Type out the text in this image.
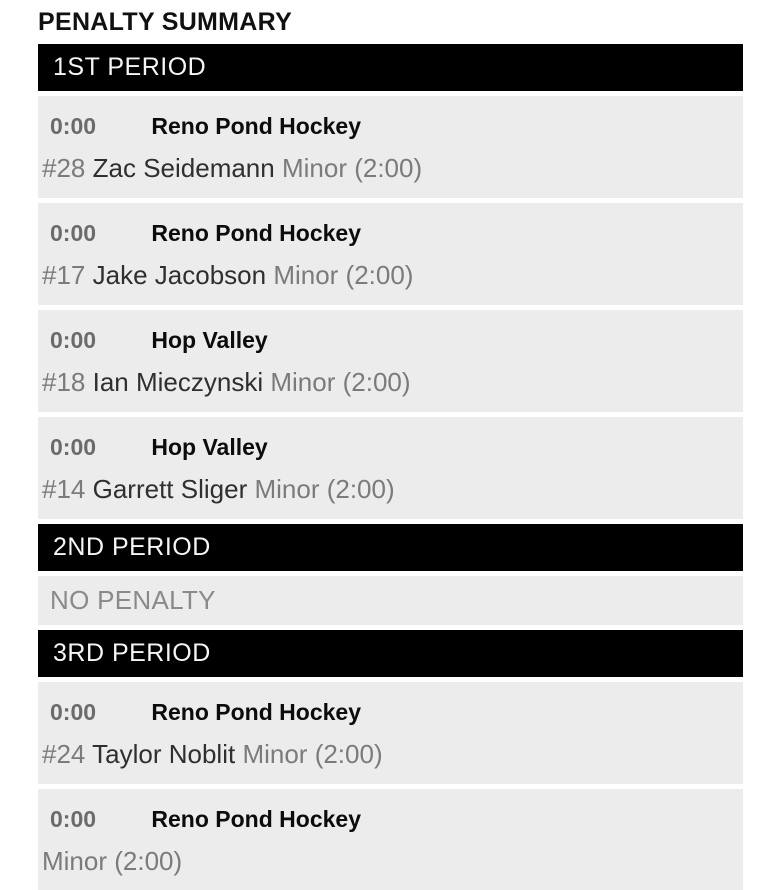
PENALTY SUMMARY
1ST PERIOD
0:00 Reno Pond Hockey
#28 Zac Seidemann Minor (2:00)
0:00 Reno Pond Hockey
#17 Jake Jacobson Minor (2:00)
0:00 Hop Valley
#18 Ian Mieczynski Minor (2:00)
0:00 Hop Valley
#14 Garrett Sliger Minor (2:00)
2ND PERIOD
NO PENALTY
3RD PERIOD
0:00 Reno Pond Hockey
#24 Taylor Noblit Minor (2:00)
0:00 Reno Pond Hockey
Minor (2:00)
